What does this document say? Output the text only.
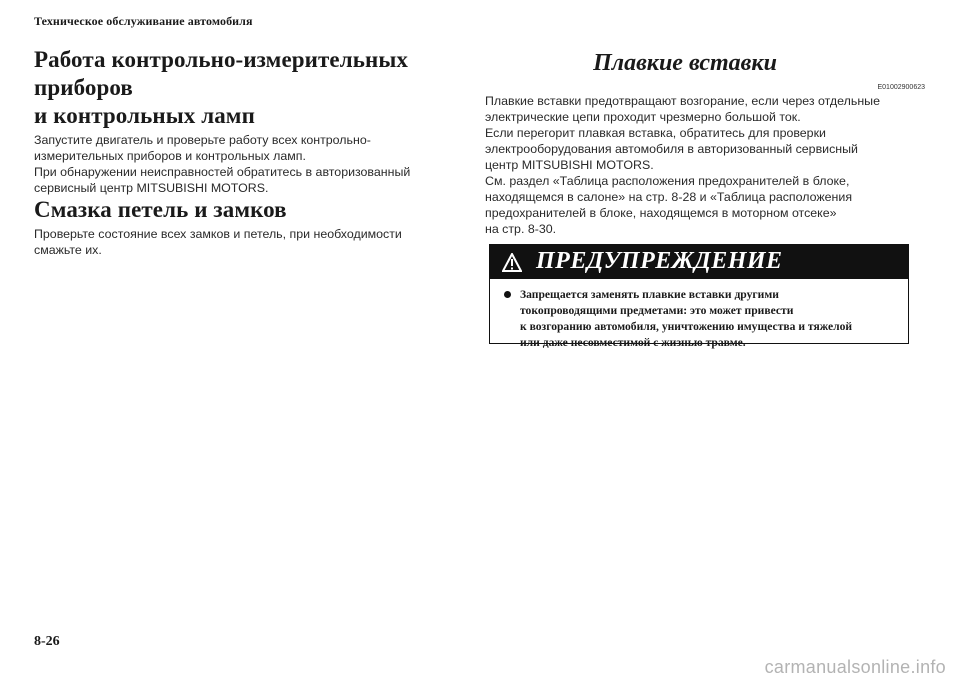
Техническое обслуживание автомобиля
Работа контрольно-измерительных приборов
и контрольных ламп
Запустите двигатель и проверьте работу всех контрольно-
измерительных приборов и контрольных ламп.
При обнаружении неисправностей обратитесь в авторизованный
сервисный центр MITSUBISHI MOTORS.
Смазка петель и замков
Проверьте состояние всех замков и петель, при необходимости
смажьте их.
Плавкие вставки
E01002900623
Плавкие вставки предотвращают возгорание, если через отдельные
электрические цепи проходит чрезмерно большой ток.
Если перегорит плавкая вставка, обратитесь для проверки
электрооборудования автомобиля в авторизованный сервисный
центр MITSUBISHI MOTORS.
См. раздел «Таблица расположения предохранителей в блоке,
находящемся в салоне» на стр. 8-28 и «Таблица расположения
предохранителей в блоке, находящемся в моторном отсеке»
на стр. 8-30.
ПРЕДУПРЕЖДЕНИЕ
Запрещается заменять плавкие вставки другими
токопроводящими предметами: это может привести
к возгоранию автомобиля, уничтожению имущества и тяжелой
или даже несовместимой с жизнью травме.
8-26
carmanualsonline.info
